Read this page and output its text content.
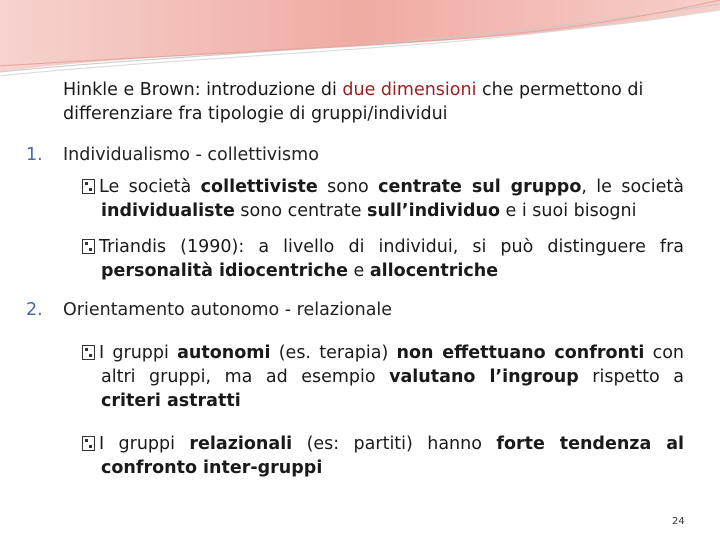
Hinkle e Brown: introduzione di due dimensioni che permettono di differenziare fra tipologie di gruppi/individui
1. Individualismo - collettivismo
Le società collettiviste sono centrate sul gruppo, le società individualiste sono centrate sull’individuo e i suoi bisogni
Triandis (1990): a livello di individui, si può distinguere fra personalità idiocentriche e allocentriche
2. Orientamento autonomo - relazionale
I gruppi autonomi (es. terapia) non effettuano confronti con altri gruppi, ma ad esempio valutano l’ingroup rispetto a criteri astratti
I gruppi relazionali (es: partiti) hanno forte tendenza al confronto inter-gruppi
24
